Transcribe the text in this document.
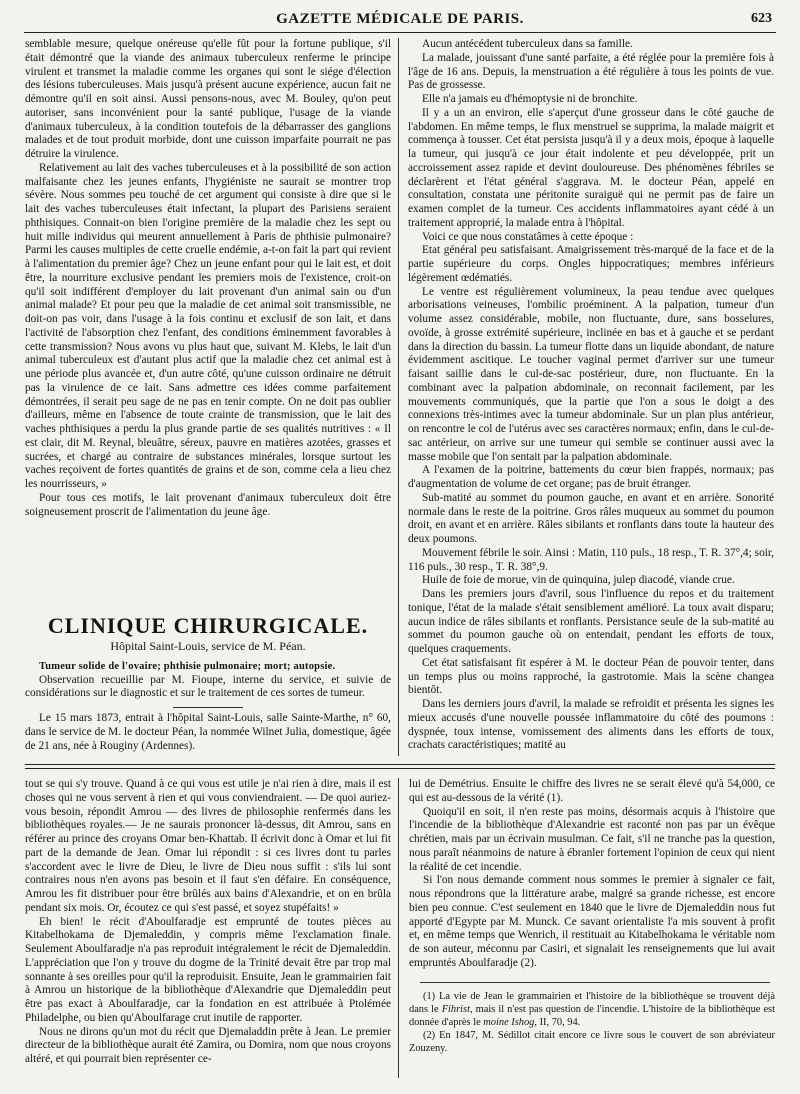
GAZETTE MÉDICALE DE PARIS.	623

semblable mesure, quelque onéreuse qu'elle fût pour la fortune publique, s'il était démontré que la viande des animaux tuberculeux renferme le principe virulent et transmet la maladie comme les organes qui sont le siége d'élection des lésions tuberculeuses. Mais jusqu'à présent aucune expérience, aucun fait ne démontre qu'il en soit ainsi. Aussi pensons-nous, avec M. Bouley, qu'on peut autoriser, sans inconvénient pour la santé publique, l'usage de la viande d'animaux tuberculeux, à la condition toutefois de la débarrasser des ganglions malades et de tout produit morbide, dont une cuisson imparfaite pourrait ne pas détruire la virulence.

Relativement au lait des vaches tuberculeuses et à la possibilité de son action malfaisante chez les jeunes enfants, l'hygiéniste ne saurait se montrer trop sévère. Nous sommes peu touché de cet argument qui consiste à dire que si le lait des vaches tuberculeuses était infectant, la plupart des Parisiens seraient phthisiques. Connait-on bien l'origine première de la maladie chez les sept ou huit mille individus qui meurent annuellement à Paris de phthisie pulmonaire? Parmi les causes multiples de cette cruelle endémie, a-t-on fait la part qui revient à l'alimentation du premier âge? Chez un jeune enfant pour qui le lait est, et doit être, la nourriture exclusive pendant les premiers mois de l'existence, croit-on qu'il soit indifférent d'employer du lait provenant d'un animal sain ou d'un animal malade? Et pour peu que la maladie de cet animal soit transmissible, ne doit-on pas voir, dans l'usage à la fois continu et exclusif de son lait, et dans l'activité de l'absorption chez l'enfant, des conditions éminemment favorables à cette transmission? Nous avons vu plus haut que, suivant M. Klebs, le lait d'un animal tuberculeux est d'autant plus actif que la maladie chez cet animal est à une période plus avancée et, d'un autre côté, qu'une cuisson ordinaire ne détruit pas la virulence de ce lait. Sans admettre ces idées comme parfaitement démontrées, il serait peu sage de ne pas en tenir compte. On ne doit pas oublier d'ailleurs, même en l'absence de toute crainte de transmission, que le lait des vaches phthisiques a perdu la plus grande partie de ses qualités nutritives : « Il est clair, dit M. Reynal, bleuâtre, séreux, pauvre en matières azotées, grasses et sucrées, et chargé au contraire de substances minérales, lorsque surtout les vaches reçoivent de fortes quantités de grains et de son, comme cela a lieu chez les nourrisseurs, »

Pour tous ces motifs, le lait provenant d'animaux tuberculeux doit être soigneusement proscrit de l'alimentation du jeune âge.

CLINIQUE CHIRURGICALE.
Hôpital Saint-Louis, service de M. Péan.
Tumeur solide de l'ovaire; phthisie pulmonaire; mort; autopsie.
Observation recueillie par M. Fioupe, interne du service, et suivie de considérations sur le diagnostic et sur le traitement de ces sortes de tumeur.
Le 15 mars 1873, entrait à l'hôpital Saint-Louis, salle Sainte-Marthe, n° 60, dans le service de M. le docteur Péan, la nommée Wilnet Julia, domestique, âgée de 21 ans, née à Rouginy (Ardennes).

Aucun antécédent tuberculeux dans sa famille.

La malade, jouissant d'une santé parfaite, a été réglée pour la première fois à l'âge de 16 ans. Depuis, la menstruation a été régulière à tous les points de vue. Pas de grossesse.

Elle n'a jamais eu d'hémoptysie ni de bronchite.

Il y a un an environ, elle s'aperçut d'une grosseur dans le côté gauche de l'abdomen. En même temps, le flux menstruel se supprima, la malade maigrit et commença à tousser. Cet état persista jusqu'à il y a deux mois, époque à laquelle la tumeur, qui jusqu'à ce jour était indolente et peu développée, prit un accroissement assez rapide et devint douloureuse. Des phénomènes fébriles se déclarèrent et l'état général s'aggrava. M. le docteur Péan, appelé en consultation, constata une péritonite suraiguë qui ne permit pas de faire un examen complet de la tumeur. Ces accidents inflammatoires ayant cédé à un traitement approprié, la malade entra à l'hôpital.

Voici ce que nous constatâmes à cette époque :

Etat général peu satisfaisant. Amaigrissement très-marqué de la face et de la partie supérieure du corps. Ongles hippocratiques; membres inférieurs légèrement œdématiés.

Le ventre est régulièrement volumineux, la peau tendue avec quelques arborisations veineuses, l'ombilic proéminent. A la palpation, tumeur d'un volume assez considérable, mobile, non fluctuante, dure, sans bosselures, ovoïde, à grosse extrémité supérieure, inclinée en bas et à gauche et se perdant dans la direction du bassin. La tumeur flotte dans un liquide abondant, de nature évidemment ascitique. Le toucher vaginal permet d'arriver sur une tumeur faisant saillie dans le cul-de-sac postérieur, dure, non fluctuante. En la combinant avec la palpation abdominale, on reconnait facilement, par les mouvements communiqués, que la partie que l'on a sous le doigt a des connexions très-intimes avec la tumeur abdominale. Sur un plan plus antérieur, on rencontre le col de l'utérus avec ses caractères normaux; enfin, dans le cul-de-sac antérieur, on arrive sur une tumeur qui semble se continuer aussi avec la masse mobile que l'on sentait par la palpation abdominale.

A l'examen de la poitrine, battements du cœur bien frappés, normaux; pas d'augmentation de volume de cet organe; pas de bruit étranger.

Sub-matité au sommet du poumon gauche, en avant et en arrière. Sonorité normale dans le reste de la poitrine. Gros râles muqueux au sommet du poumon droit, en avant et en arrière. Râles sibilants et ronflants dans toute la hauteur des deux poumons.

Mouvement fébrile le soir. Ainsi : Matin, 110 puls., 18 resp., T. R. 37°,4; soir, 116 puls., 30 resp., T. R. 38°,9.

Huile de foie de morue, vin de quinquina, julep diacodé, viande crue.

Dans les premiers jours d'avril, sous l'influence du repos et du traitement tonique, l'état de la malade s'était sensiblement amélioré. La toux avait disparu; aucun indice de râles sibilants et ronflants. Persistance seule de la sub-matité au sommet du poumon gauche où on entendait, pendant les efforts de toux, quelques craquements.

Cet état satisfaisant fit espérer à M. le docteur Péan de pouvoir tenter, dans un temps plus ou moins rapproché, la gastrotomie. Mais la scène changea bientôt.

Dans les derniers jours d'avril, la malade se refroidit et présenta les signes les mieux accusés d'une nouvelle poussée inflammatoire du côté des poumons : dyspnée, toux intense, vomissement des aliments dans les efforts de toux, crachats caractéristiques; matité au

tout se qui s'y trouve. Quand à ce qui vous est utile je n'ai rien à dire, mais il est choses qui ne vous servent à rien et qui vous conviendraient. — De quoi auriez-vous besoin, répondit Amrou — des livres de philosophie renfermés dans les bibliothèques royales.— Je ne saurais prononcer là-dessus, dit Amrou, sans en référer au prince des croyans Omar ben-Khattab. Il écrivit donc à Omar et lui fit part de la demande de Jean. Omar lui répondit : si ces livres dont tu parles s'accordent avec le livre de Dieu, le livre de Dieu nous suffit : s'ils lui sont contraires nous n'en avons pas besoin et il faut s'en défaire. En conséquence, Amrou les fit distribuer pour être brûlés aux bains d'Alexandrie, et on en brûla pendant six mois. Or, écoutez ce qui s'est passé, et soyez stupéfaits! »

Eh bien! le récit d'Aboulfaradje est emprunté de toutes pièces au Kitabelhokama de Djemaleddin, y compris même l'exclamation finale. Seulement Aboulfaradje n'a pas reproduit intégralement le récit de Djemaleddin. L'appréciation que l'on y trouve du dogme de la Trinité devait être par trop mal sonnante à ses oreilles pour qu'il la reproduisit. Ensuite, Jean le grammairien fait à Amrou un historique de la bibliothèque d'Alexandrie que Djemaleddin peut être pas exact à Aboulfaradje, car la fondation en est attribuée à Ptolémée Philadelphe, ou bien qu'Aboulfarage crut inutile de rapporter.

Nous ne dirons qu'un mot du récit que Djemaladdin prête à Jean. Le premier directeur de la bibliothèque aurait été Zamira, ou Domira, nom que nous croyons altéré, et qui pourrait bien représenter ce-

lui de Demétrius. Ensuite le chiffre des livres ne se serait élevé qu'à 54,000, ce qui est au-dessous de la vérité (1).

Quoiqu'il en soit, il n'en reste pas moins, désormais acquis à l'histoire que l'incendie de la bibliothèque d'Alexandrie est raconté non pas par un évêque chrétien, mais par un écrivain musulman. Ce fait, s'il ne tranche pas la question, nous paraît néanmoins de nature à ébranler fortement l'opinion de ceux qui nient la réalité de cet incendie.

Si l'on nous demande comment nous sommes le premier à signaler ce fait, nous répondrons que la littérature arabe, malgré sa grande richesse, est encore bien peu connue. C'est seulement en 1840 que le livre de Djemaleddin nous fut apporté d'Egypte par M. Munck. Ce savant orientaliste l'a mis souvent à profit et, en même temps que Wenrich, il restituait au Kitabelhokama le véritable nom de son auteur, méconnu par Casiri, et signalait les renseignements que lui avait empruntés Aboulfaradje (2).

(1) La vie de Jean le grammairien et l'histoire de la bibliothèque se trouvent déjà dans le Fihrist, mais il n'est pas question de l'incendie. L'histoire de la bibliothèque est donnée d'après le moine Ishog, II, 70, 94.

(2) En 1847, M. Sédillot citait encore ce livre sous le couvert de son abréviateur Zouzeny.
